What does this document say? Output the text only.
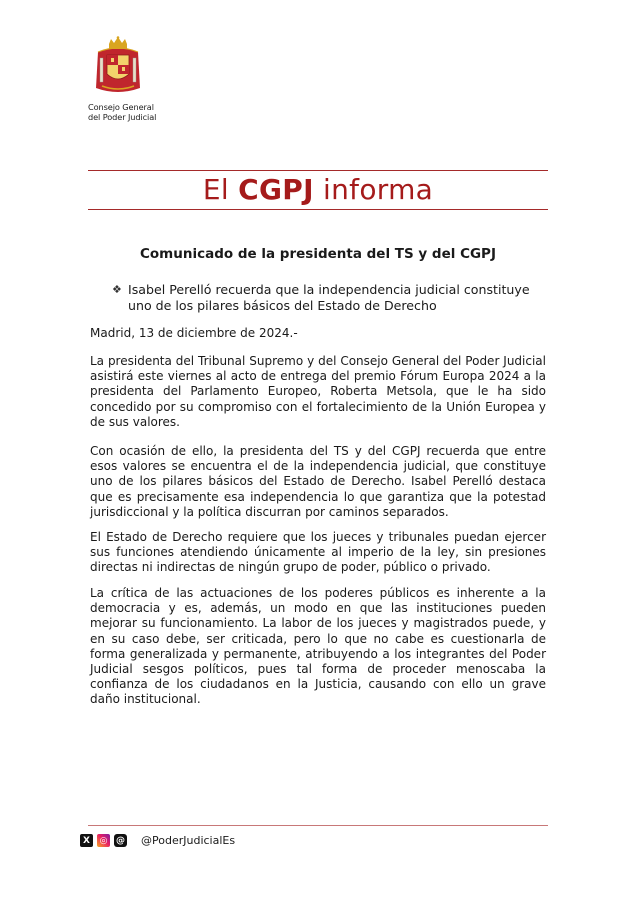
Consejo General
del Poder Judicial
El CGPJ informa
Comunicado de la presidenta del TS y del CGPJ
❖ Isabel Perelló recuerda que la independencia judicial constituye uno de los pilares básicos del Estado de Derecho
Madrid, 13 de diciembre de 2024.-
La presidenta del Tribunal Supremo y del Consejo General del Poder Judicial asistirá este viernes al acto de entrega del premio Fórum Europa 2024 a la presidenta del Parlamento Europeo, Roberta Metsola, que le ha sido concedido por su compromiso con el fortalecimiento de la Unión Europea y de sus valores.
Con ocasión de ello, la presidenta del TS y del CGPJ recuerda que entre esos valores se encuentra el de la independencia judicial, que constituye uno de los pilares básicos del Estado de Derecho. Isabel Perelló destaca que es precisamente esa independencia lo que garantiza que la potestad jurisdiccional y la política discurran por caminos separados.
El Estado de Derecho requiere que los jueces y tribunales puedan ejercer sus funciones atendiendo únicamente al imperio de la ley, sin presiones directas ni indirectas de ningún grupo de poder, público o privado.
La crítica de las actuaciones de los poderes públicos es inherente a la democracia y es, además, un modo en que las instituciones pueden mejorar su funcionamiento. La labor de los jueces y magistrados puede, y en su caso debe, ser criticada, pero lo que no cabe es cuestionarla de forma generalizada y permanente, atribuyendo a los integrantes del Poder Judicial sesgos políticos, pues tal forma de proceder menoscaba la confianza de los ciudadanos en la Justicia, causando con ello un grave daño institucional.
X	◎ @ @PoderJudicialEs
